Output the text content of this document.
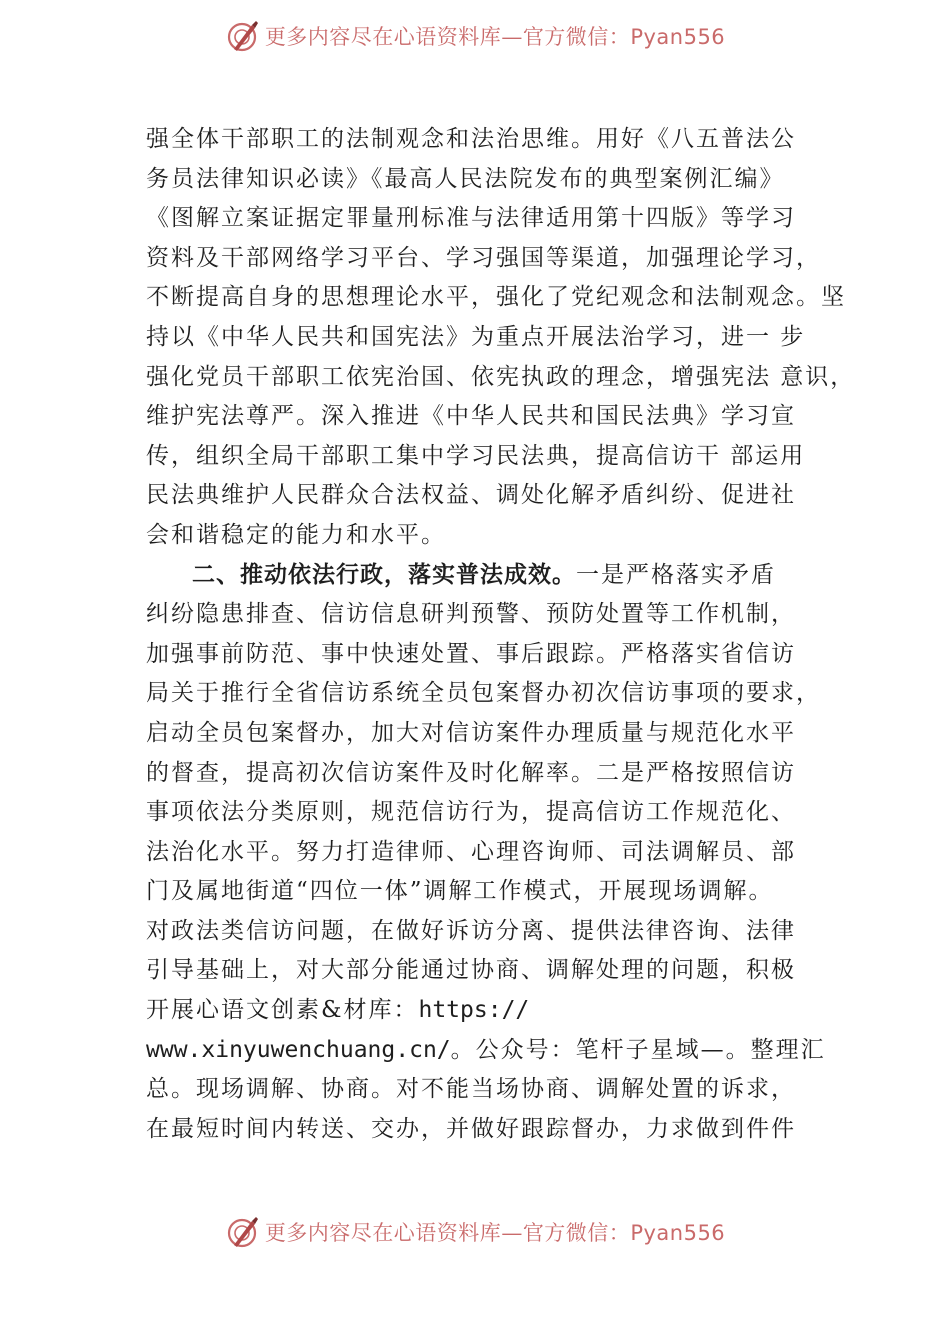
更多内容尽在心语资料库—官方微信：Pyan556
强全体干部职工的法制观念和法治思维。用好《八五普法公
务员法律知识必读》《最高人民法院发布的典型案例汇编》
《图解立案证据定罪量刑标准与法律适用第十四版》等学习
资料及干部网络学习平台、学习强国等渠道，加强理论学习，
不断提高自身的思想理论水平，强化了党纪观念和法制观念。坚
持以《中华人民共和国宪法》为重点开展法治学习，进一 步
强化党员干部职工依宪治国、依宪执政的理念，增强宪法 意识，
维护宪法尊严。深入推进《中华人民共和国民法典》学习宣
传，组织全局干部职工集中学习民法典，提高信访干 部运用
民法典维护人民群众合法权益、调处化解矛盾纠纷、促进社
会和谐稳定的能力和水平。
二、推动依法行政，落实普法成效。一是严格落实矛盾
纠纷隐患排查、信访信息研判预警、预防处置等工作机制，
加强事前防范、事中快速处置、事后跟踪。严格落实省信访
局关于推行全省信访系统全员包案督办初次信访事项的要求，
启动全员包案督办，加大对信访案件办理质量与规范化水平
的督查，提高初次信访案件及时化解率。二是严格按照信访
事项依法分类原则，规范信访行为，提高信访工作规范化、
法治化水平。努力打造律师、心理咨询师、司法调解员、部
门及属地街道“四位一体”调解工作模式，开展现场调解。
对政法类信访问题，在做好诉访分离、提供法律咨询、法律
引导基础上，对大部分能通过协商、调解处理的问题，积极
开展心语文创素&材库：https://
www.xinyuwenchuang.cn/。公众号：笔杆子星域—。整理汇
总。现场调解、协商。对不能当场协商、调解处置的诉求，
在最短时间内转送、交办，并做好跟踪督办，力求做到件件
更多内容尽在心语资料库—官方微信：Pyan556
